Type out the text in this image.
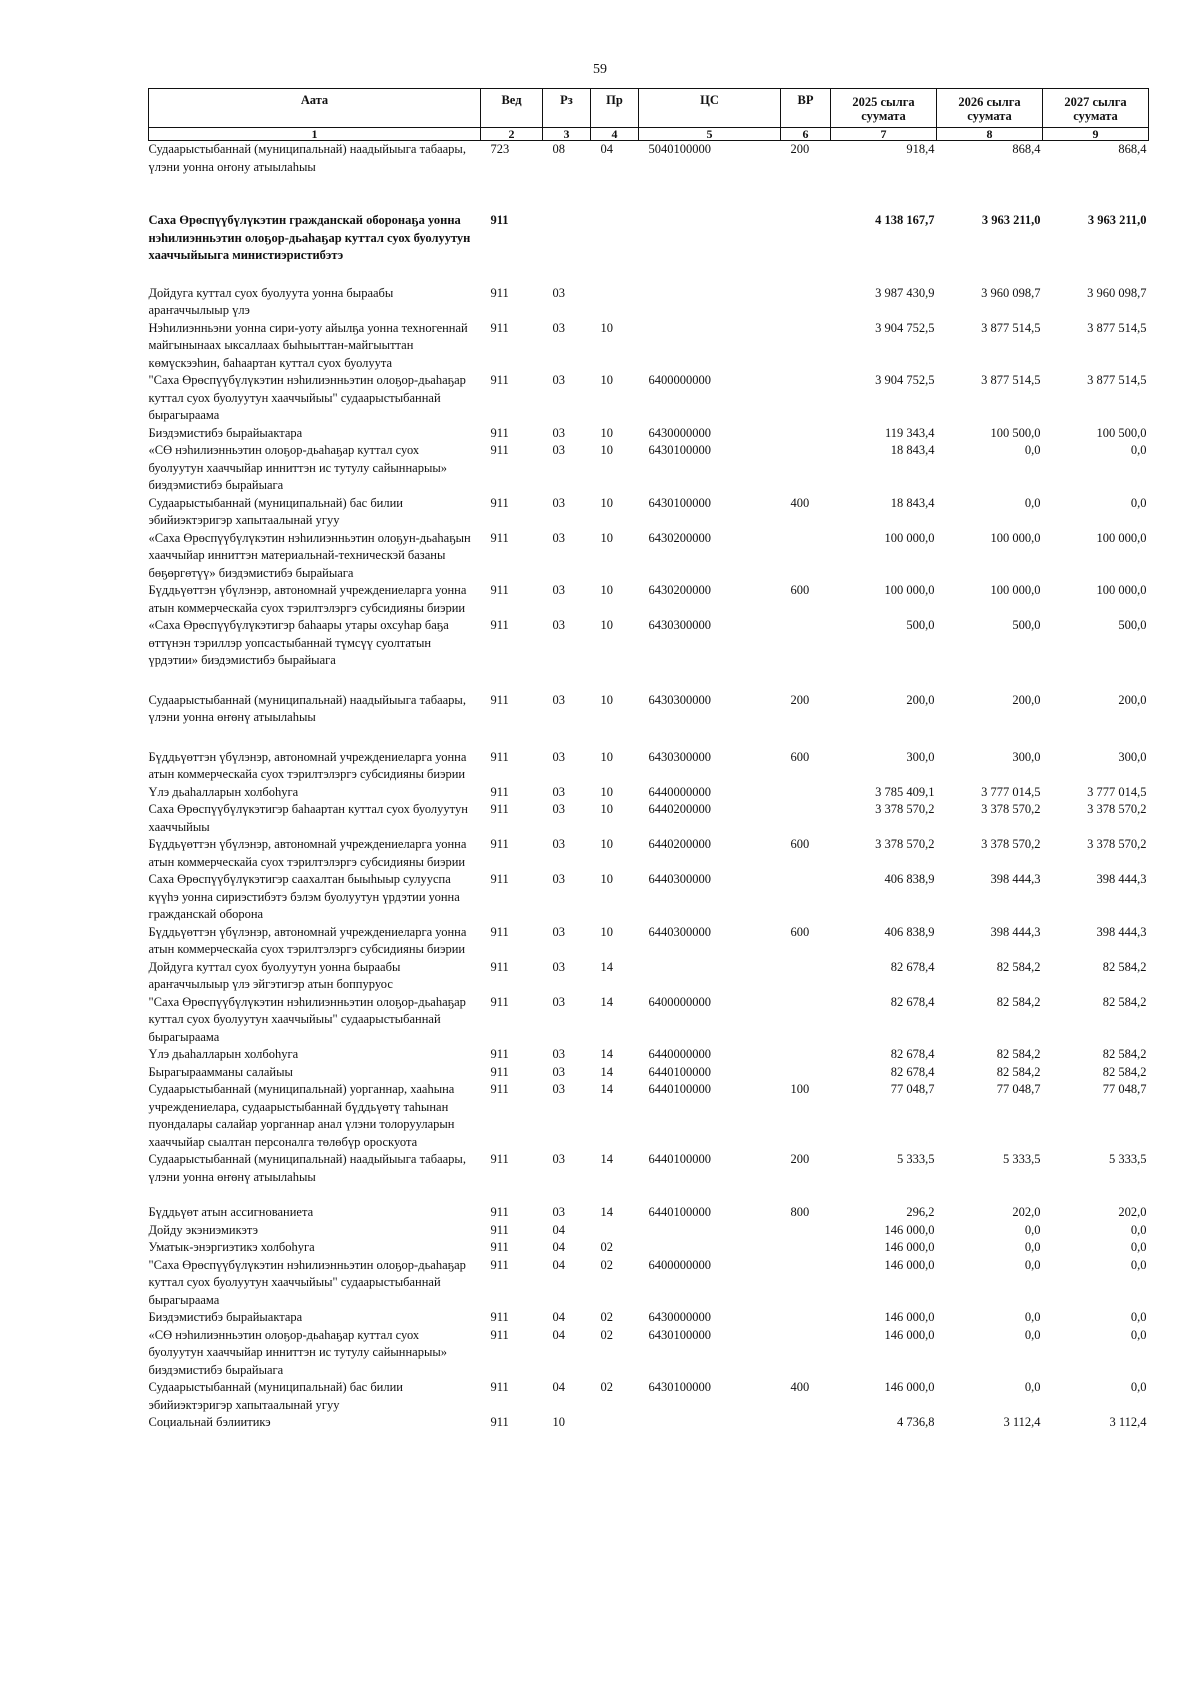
59
Аата	Вед	Рз	Пр	ЦС	ВР	2025 сылга суумата	2026 сылга суумата	2027 сылга суумата
1	2	3	4	5	6	7	8	9
Судаарыстыбаннай (муниципальнай) наадыйыыга табаары, үлэни уонна оҥону атыылаһыы	723	08	04	5040100000	200	918,4	868,4	868,4
Саха Өрөспүүбүлүкэтин гражданскай оборонаҕа уонна нэһилиэнньэтин олоҕор-дьаһаҕар куттал суох буолуутун хааччыйыыга министиэристибэтэ	911					4 138 167,7	3 963 211,0	3 963 211,0
Дойдуга куттал суох буолуута уонна быраабы араҥаччылыыр үлэ	911	03				3 987 430,9	3 960 098,7	3 960 098,7
Нэһилиэнньэни уонна сири-уоту айылҕа уонна техногеннай майгынынаах ыксаллаах быһыыттан-майгыыттан көмүскээһин, баһаартан куттал суох буолуута	911	03	10			3 904 752,5	3 877 514,5	3 877 514,5
"Саха Өрөспүүбүлүкэтин нэһилиэнньэтин олоҕор-дьаһаҕар куттал суох буолуутун хааччыйыы" судаарыстыбаннай бырагыраама	911	03	10	6400000000		3 904 752,5	3 877 514,5	3 877 514,5
Биэдэмистибэ бырайыактара	911	03	10	6430000000		119 343,4	100 500,0	100 500,0
«СӨ нэһилиэнньэтин олоҕор-дьаһаҕар куттал суох буолуутун хааччыйар инниттэн ис тутулу сайыннарыы» биэдэмистибэ бырайыага	911	03	10	6430100000		18 843,4	0,0	0,0
Судаарыстыбаннай (муниципальнай) бас билии эбийиэктэригэр хапытаалынай угуу	911	03	10	6430100000	400	18 843,4	0,0	0,0
«Саха Өрөспүүбүлүкэтин нэһилиэнньэтин олоҕун-дьаһаҕын хааччыйар инниттэн материальнай-техническэй базаны бөҕөргөтүү» биэдэмистибэ бырайыага	911	03	10	6430200000		100 000,0	100 000,0	100 000,0
Бүддьүөттэн үбүлэнэр, автономнай учреждениеларга уонна атын коммерческайа суох тэрилтэлэргэ субсидияны биэрии	911	03	10	6430200000	600	100 000,0	100 000,0	100 000,0
«Саха Өрөспүүбүлүкэтигэр баһаары утары охсуһар баҕа өттүнэн тэриллэр уопсастыбаннай түмсүү суолтатын үрдэтии» биэдэмистибэ бырайыага	911	03	10	6430300000		500,0	500,0	500,0
Судаарыстыбаннай (муниципальнай) наадыйыыга табаары, үлэни уонна өҥөнү атыылаһыы	911	03	10	6430300000	200	200,0	200,0	200,0
Бүддьүөттэн үбүлэнэр, автономнай учреждениеларга уонна атын коммерческайа суох тэрилтэлэргэ субсидияны биэрии	911	03	10	6430300000	600	300,0	300,0	300,0
Үлэ дьаһалларын холбоһуга	911	03	10	6440000000		3 785 409,1	3 777 014,5	3 777 014,5
Саха Өрөспүүбүлүкэтигэр баһаартан куттал суох буолуутун хааччыйыы	911	03	10	6440200000		3 378 570,2	3 378 570,2	3 378 570,2
Бүддьүөттэн үбүлэнэр, автономнай учреждениеларга уонна атын коммерческайа суох тэрилтэлэргэ субсидияны биэрии	911	03	10	6440200000	600	3 378 570,2	3 378 570,2	3 378 570,2
Саха Өрөспүүбүлүкэтигэр саахалтан быыһыыр сулууспа күүһэ уонна сириэстибэтэ бэлэм буолуутун үрдэтии уонна гражданскай оборона	911	03	10	6440300000		406 838,9	398 444,3	398 444,3
Бүддьүөттэн үбүлэнэр, автономнай учреждениеларга уонна атын коммерческайа суох тэрилтэлэргэ субсидияны биэрии	911	03	10	6440300000	600	406 838,9	398 444,3	398 444,3
Дойдуга куттал суох буолуутун уонна быраабы араҥаччылыыр үлэ эйгэтигэр атын боппуруос	911	03	14			82 678,4	82 584,2	82 584,2
"Саха Өрөспүүбүлүкэтин нэһилиэнньэтин олоҕор-дьаһаҕар куттал суох буолуутун хааччыйыы" судаарыстыбаннай бырагыраама	911	03	14	6400000000		82 678,4	82 584,2	82 584,2
Үлэ дьаһалларын холбоһуга	911	03	14	6440000000		82 678,4	82 584,2	82 584,2
Бырагыраамманы салайыы	911	03	14	6440100000		82 678,4	82 584,2	82 584,2
Судаарыстыбаннай (муниципальнай) уорганнар, хааһына учреждениелара, судаарыстыбаннай бүддьүөтү таһынан пуондалары салайар уорганнар анал үлэни толорууларын хааччыйар сыалтан персоналга төлөбүр ороскуота	911	03	14	6440100000	100	77 048,7	77 048,7	77 048,7
Судаарыстыбаннай (муниципальнай) наадыйыыга табаары, үлэни уонна өҥөнү атыылаһыы	911	03	14	6440100000	200	5 333,5	5 333,5	5 333,5
Бүддьүөт атын ассигнованиета	911	03	14	6440100000	800	296,2	202,0	202,0
Дойду экэниэмикэтэ	911	04				146 000,0	0,0	0,0
Уматык-энэргиэтикэ холбоһуга	911	04	02			146 000,0	0,0	0,0
"Саха Өрөспүүбүлүкэтин нэһилиэнньэтин олоҕор-дьаһаҕар куттал суох буолуутун хааччыйыы" судаарыстыбаннай бырагыраама	911	04	02	6400000000		146 000,0	0,0	0,0
Биэдэмистибэ бырайыактара	911	04	02	6430000000		146 000,0	0,0	0,0
«СӨ нэһилиэнньэтин олоҕор-дьаһаҕар куттал суох буолуутун хааччыйар инниттэн ис тутулу сайыннарыы» биэдэмистибэ бырайыага	911	04	02	6430100000		146 000,0	0,0	0,0
Судаарыстыбаннай (муниципальнай) бас билии эбийиэктэригэр хапытаалынай угуу	911	04	02	6430100000	400	146 000,0	0,0	0,0
Социальнай бэлиитикэ	911	10				4 736,8	3 112,4	3 112,4
